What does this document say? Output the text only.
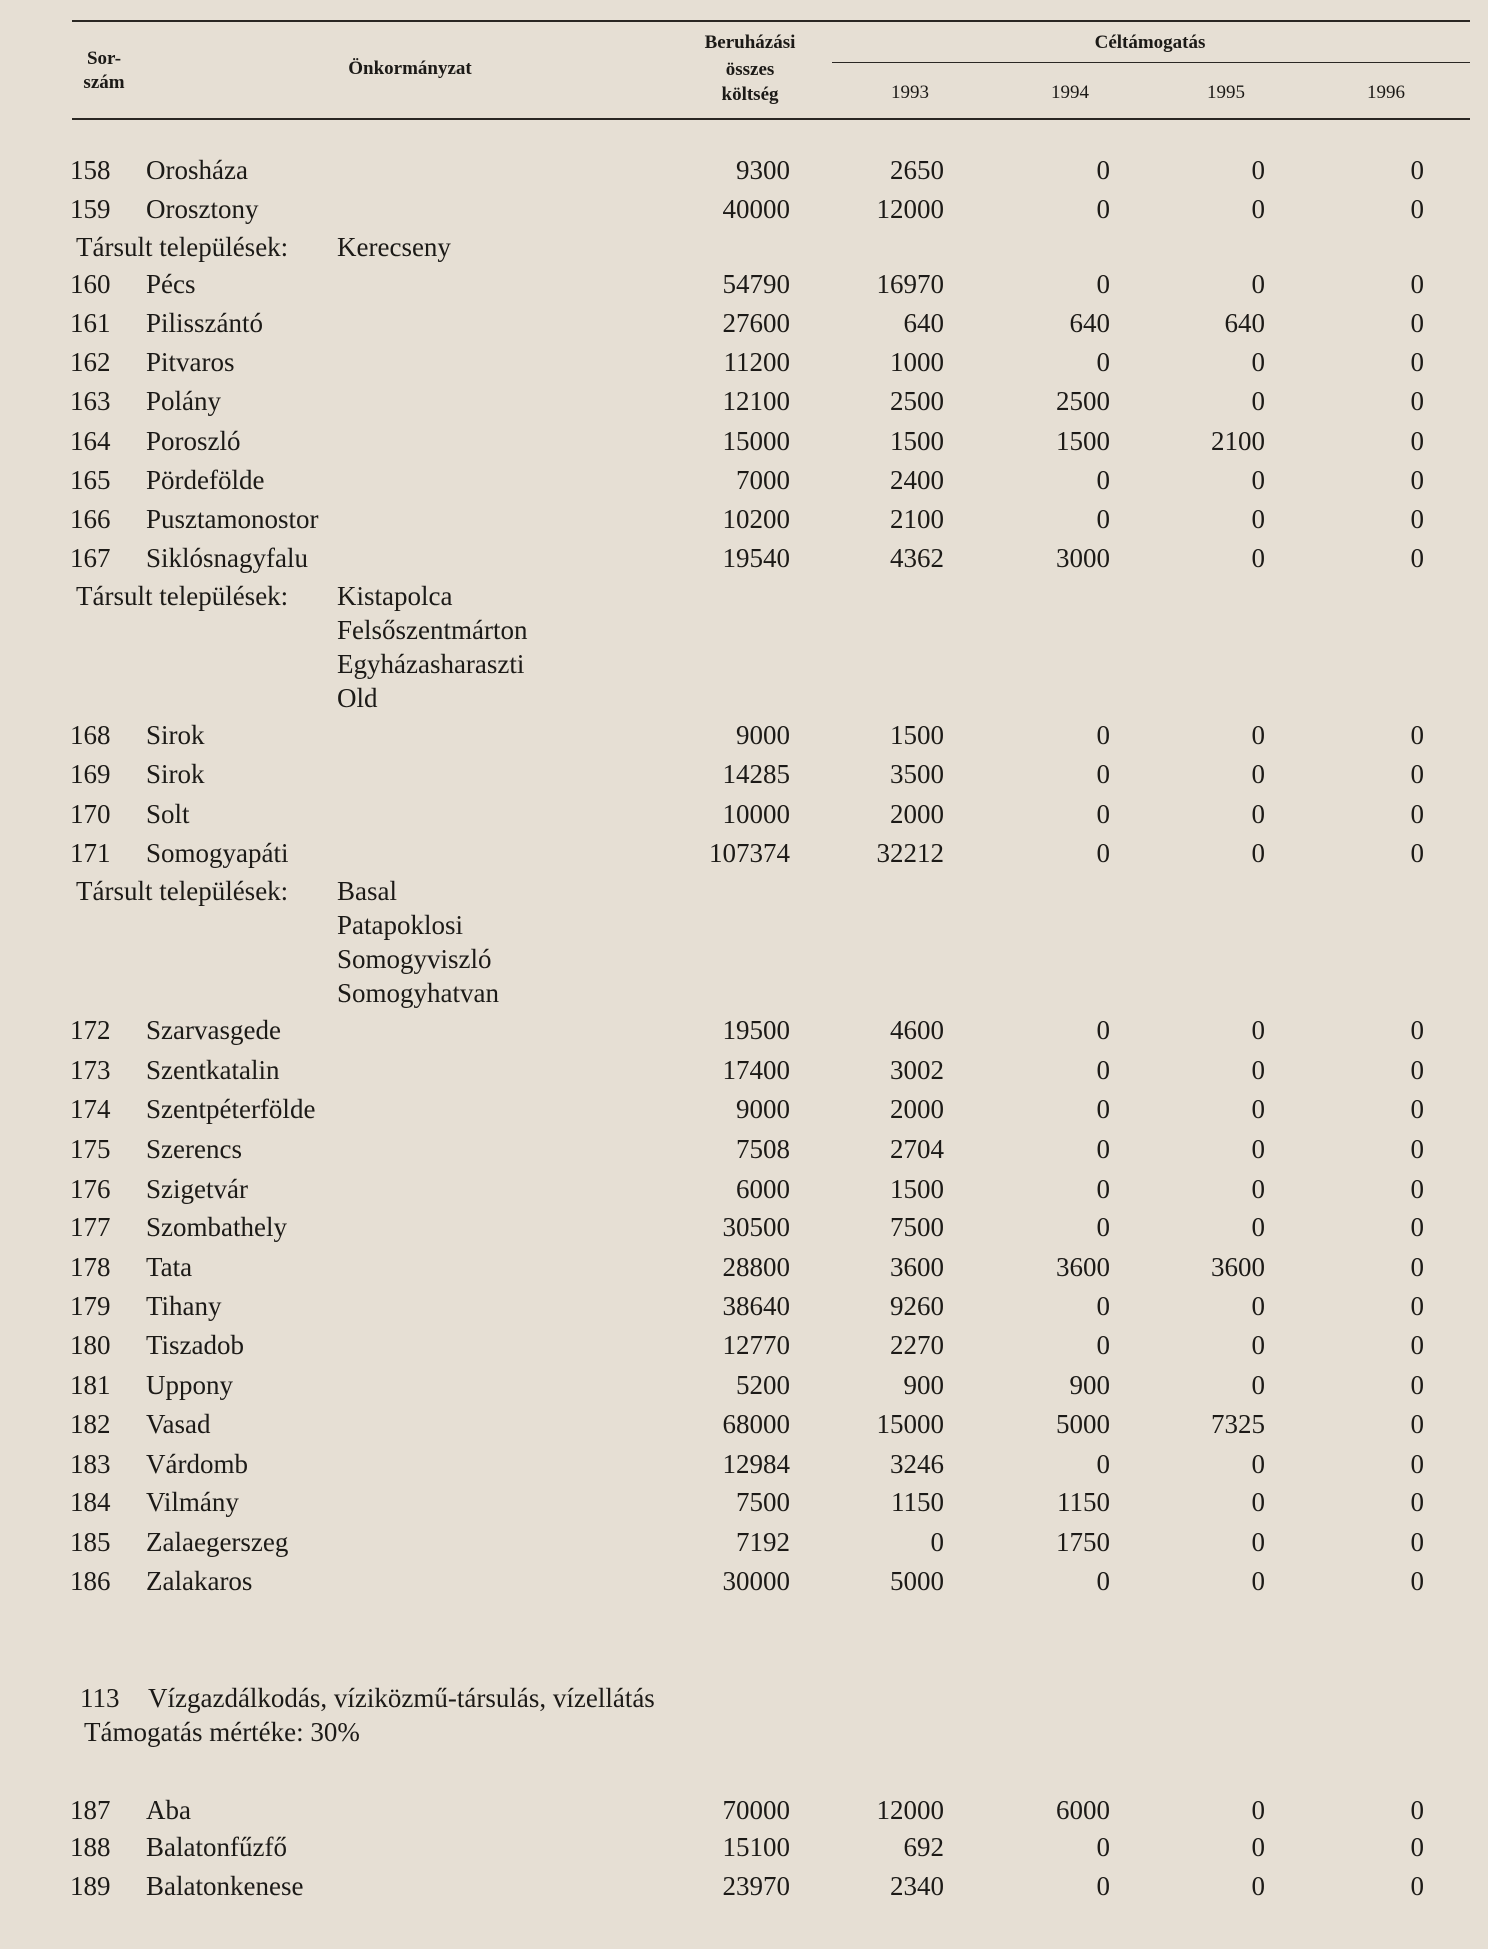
Sor-
szám
Önkormányzat
Beruházási
összes
költség
Céltámogatás
1993	1994	1995	1996
158 Orosháza	9300	2650	0	0	0
159 Orosztony	40000	12000	0	0	0
Társult települések: Kerecseny
160 Pécs	54790	16970	0	0	0
161 Pilisszántó	27600	640	640	640	0
162 Pitvaros	11200	1000	0	0	0
163 Polány	12100	2500	2500	0	0
164 Poroszló	15000	1500	1500	2100	0
165 Pördefölde	7000	2400	0	0	0
166 Pusztamonostor	10200	2100	0	0	0
167 Siklósnagyfalu	19540	4362	3000	0	0
Társult települések: Kistapolca
Felsőszentmárton
Egyházasharaszti
Old
168 Sirok	9000	1500	0	0	0
169 Sirok	14285	3500	0	0	0
170 Solt	10000	2000	0	0	0
171 Somogyapáti	107374	32212	0	0	0
Társult települések: Basal
Patapoklosi
Somogyviszló
Somogyhatvan
172 Szarvasgede	19500	4600	0	0	0
173 Szentkatalin	17400	3002	0	0	0
174 Szentpéterfölde	9000	2000	0	0	0
175 Szerencs	7508	2704	0	0	0
176 Szigetvár	6000	1500	0	0	0
177 Szombathely	30500	7500	0	0	0
178 Tata	28800	3600	3600	3600	0
179 Tihany	38640	9260	0	0	0
180 Tiszadob	12770	2270	0	0	0
181 Uppony	5200	900	900	0	0
182 Vasad	68000	15000	5000	7325	0
183 Várdomb	12984	3246	0	0	0
184 Vilmány	7500	1150	1150	0	0
185 Zalaegerszeg	7192	0	1750	0	0
186 Zalakaros	30000	5000	0	0	0
187 Aba	70000	12000	6000	0	0
188 Balatonfűzfő	15100	692	0	0	0
189 Balatonkenese	23970	2340	0	0	0
113 Vízgazdálkodás, víziközmű-társulás, vízellátás
Támogatás mértéke: 30%
